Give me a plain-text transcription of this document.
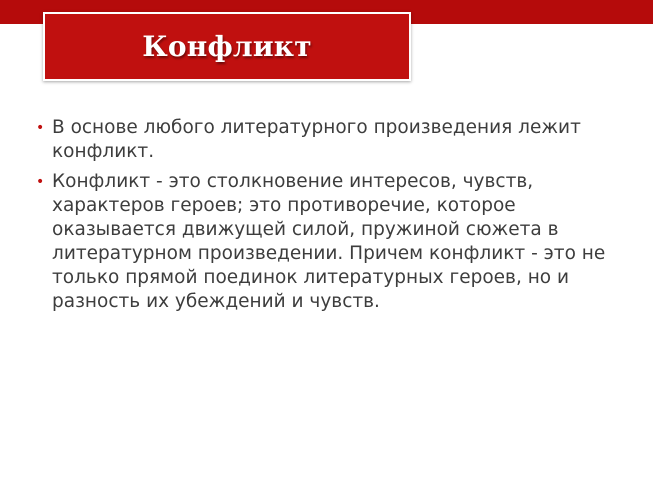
Конфликт
• В основе любого литературного произведения лежит конфликт.
• Конфликт - это столкновение интересов, чувств, характеров героев; это противоречие, которое оказывается движущей силой, пружиной сюжета в литературном произведении. Причем конфликт - это не только прямой поединок литературных героев, но и разность их убеждений и чувств.
